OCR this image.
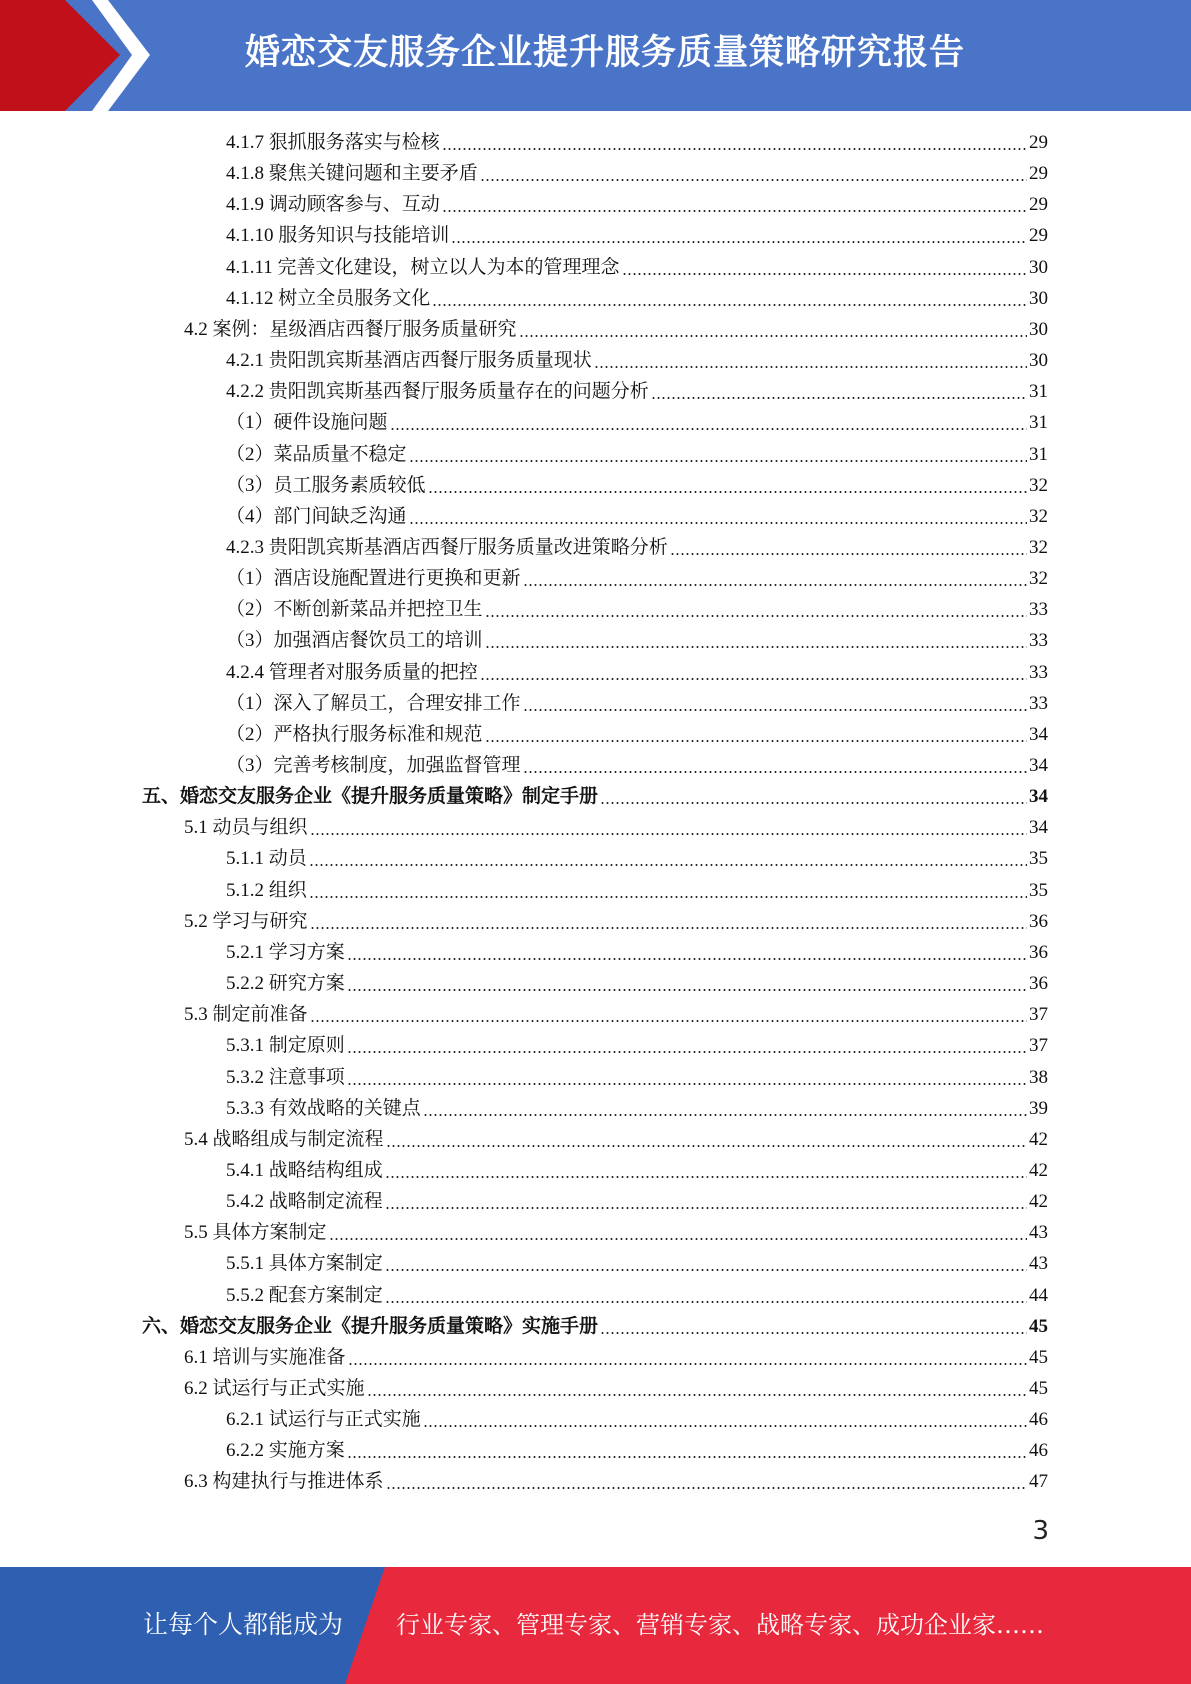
婚恋交友服务企业提升服务质量策略研究报告
4.1.7 狠抓服务落实与检核	29
4.1.8 聚焦关键问题和主要矛盾	29
4.1.9 调动顾客参与、互动	29
4.1.10 服务知识与技能培训	29
4.1.11 完善文化建设，树立以人为本的管理理念	30
4.1.12 树立全员服务文化	30
4.2 案例：星级酒店西餐厅服务质量研究	30
4.2.1 贵阳凯宾斯基酒店西餐厅服务质量现状	30
4.2.2 贵阳凯宾斯基西餐厅服务质量存在的问题分析	31
（1）硬件设施问题	31
（2）菜品质量不稳定	31
（3）员工服务素质较低	32
（4）部门间缺乏沟通	32
4.2.3 贵阳凯宾斯基酒店西餐厅服务质量改进策略分析	32
（1）酒店设施配置进行更换和更新	32
（2）不断创新菜品并把控卫生	33
（3）加强酒店餐饮员工的培训	33
4.2.4 管理者对服务质量的把控	33
（1）深入了解员工，合理安排工作	33
（2）严格执行服务标准和规范	34
（3）完善考核制度，加强监督管理	34
五、婚恋交友服务企业《提升服务质量策略》制定手册	34
5.1 动员与组织	34
5.1.1 动员	35
5.1.2 组织	35
5.2 学习与研究	36
5.2.1 学习方案	36
5.2.2 研究方案	36
5.3 制定前准备	37
5.3.1 制定原则	37
5.3.2 注意事项	38
5.3.3 有效战略的关键点	39
5.4 战略组成与制定流程	42
5.4.1 战略结构组成	42
5.4.2 战略制定流程	42
5.5 具体方案制定	43
5.5.1 具体方案制定	43
5.5.2 配套方案制定	44
六、婚恋交友服务企业《提升服务质量策略》实施手册	45
6.1 培训与实施准备	45
6.2 试运行与正式实施	45
6.2.1 试运行与正式实施	46
6.2.2 实施方案	46
6.3 构建执行与推进体系	47
3
让每个人都能成为 行业专家、管理专家、营销专家、战略专家、成功企业家……
